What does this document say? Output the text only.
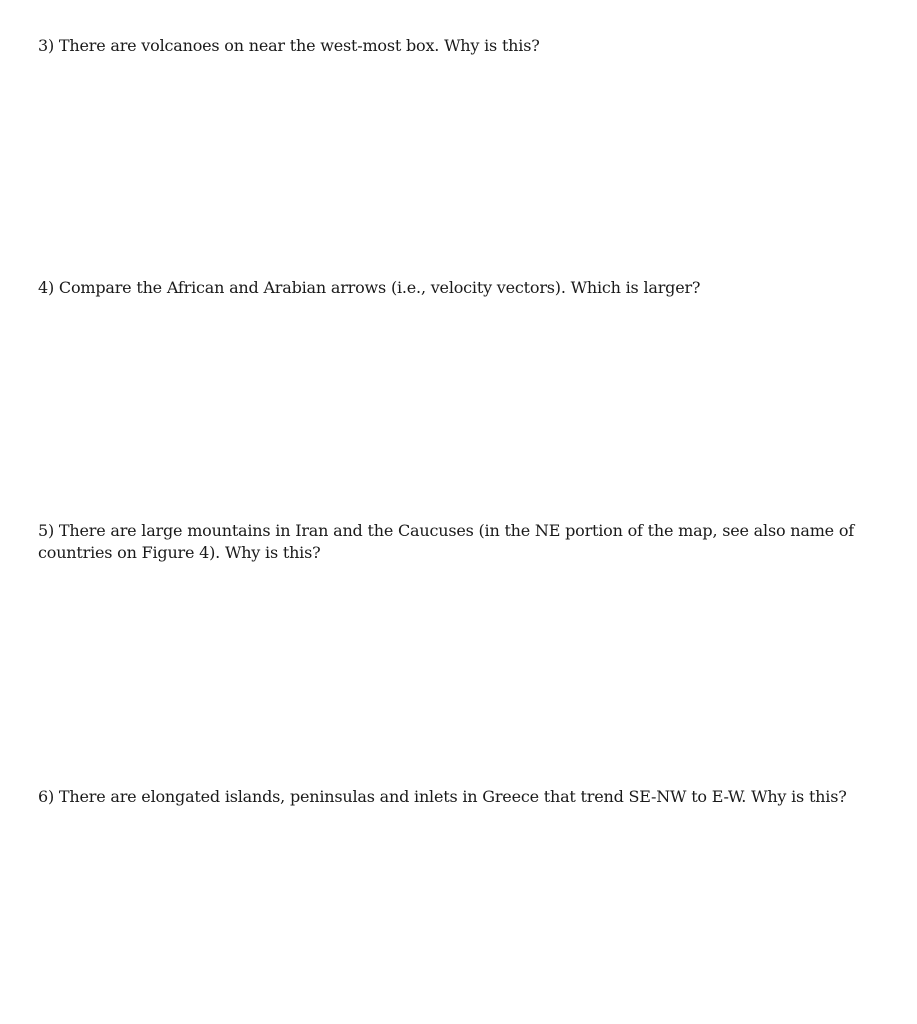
3) There are volcanoes on near the west-most box. Why is this?

4) Compare the African and Arabian arrows (i.e., velocity vectors). Which is larger?

5) There are large mountains in Iran and the Caucuses (in the NE portion of the map, see also name of countries on Figure 4). Why is this?

6) There are elongated islands, peninsulas and inlets in Greece that trend SE-NW to E-W. Why is this?
